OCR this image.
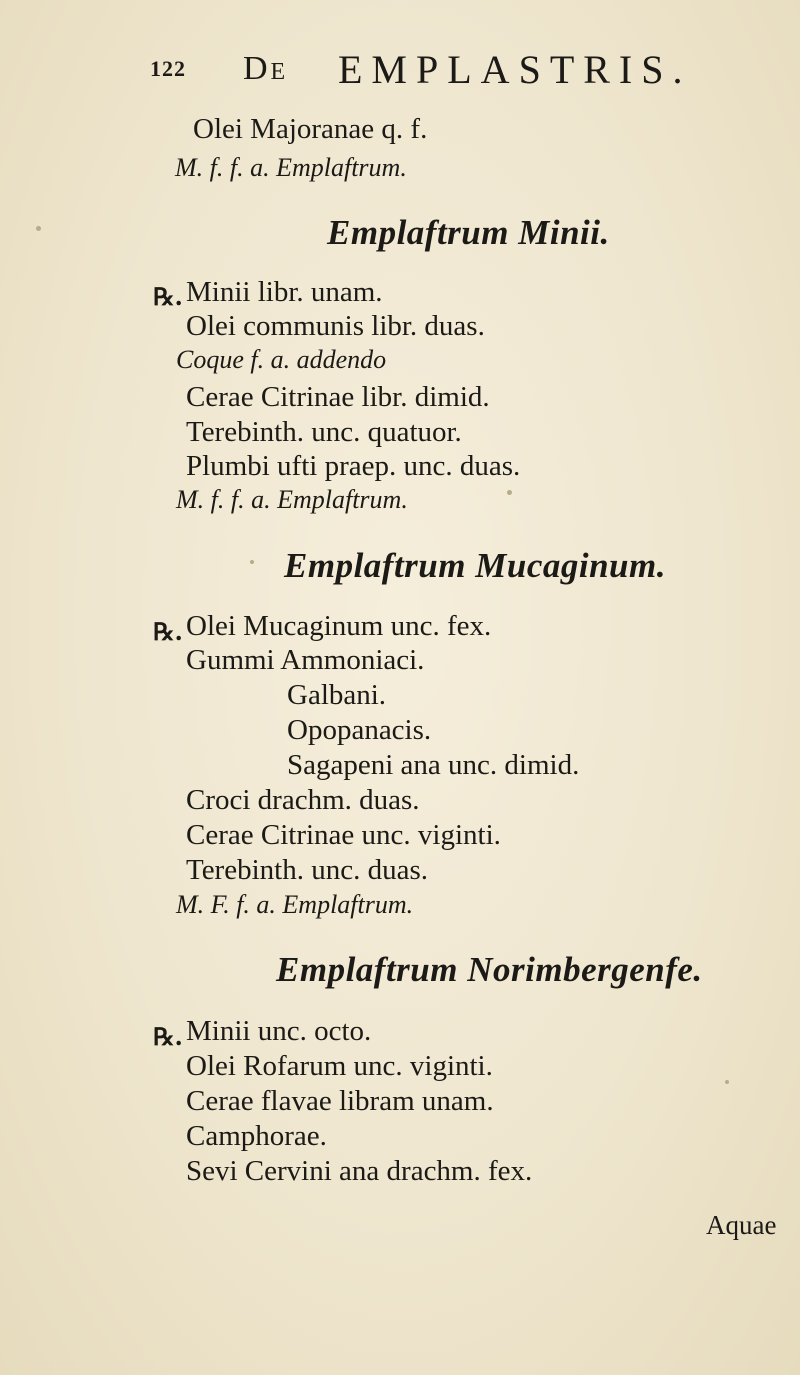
122 De EMPLASTRIS.
Olei Majoranae q. f.
M. f. f. a. Emplaftrum.
Emplaftrum Minii.
℞. Minii libr. unam.
Olei communis libr. duas.
Coque f. a. addendo
Cerae Citrinae libr. dimid.
Terebinth. unc. quatuor.
Plumbi ufti praep. unc. duas.
M. f. f. a. Emplaftrum.
Emplaftrum Mucaginum.
℞. Olei Mucaginum unc. fex.
Gummi Ammoniaci.
Galbani.
Opopanacis.
Sagapeni ana unc. dimid.
Croci drachm. duas.
Cerae Citrinae unc. viginti.
Terebinth. unc. duas.
M. F. f. a. Emplaftrum.
Emplaftrum Norimbergenfe.
℞. Minii unc. octo.
Olei Rofarum unc. viginti.
Cerae flavae libram unam.
Camphorae.
Sevi Cervini ana drachm. fex.
Aquae
